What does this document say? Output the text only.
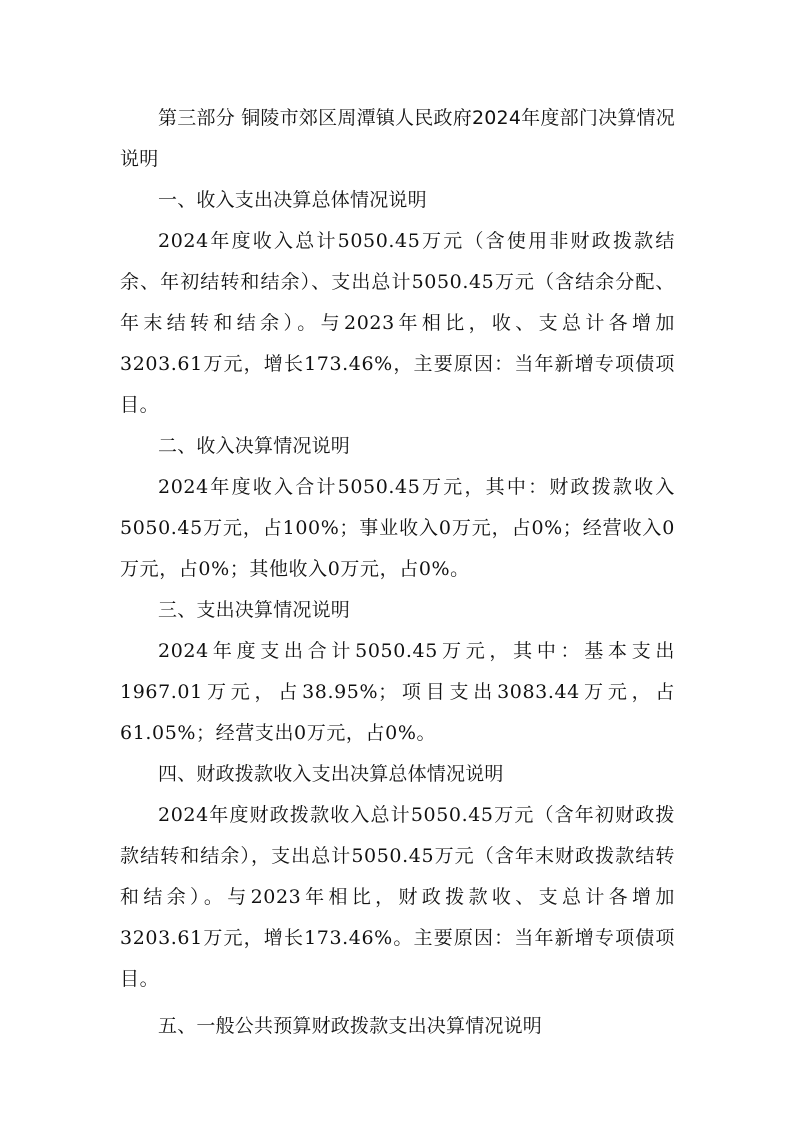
第三部分 铜陵市郊区周潭镇人民政府2024年度部门决算情况说明

一、收入支出决算总体情况说明

2024年度收入总计5050.45万元（含使用非财政拨款结余、年初结转和结余）、支出总计5050.45万元（含结余分配、年末结转和结余）。与2023年相比，收、支总计各增加3203.61万元，增长173.46%，主要原因：当年新增专项债项目。

二、收入决算情况说明

2024年度收入合计5050.45万元，其中：财政拨款收入5050.45万元，占100%；事业收入0万元，占0%；经营收入0万元，占0%；其他收入0万元，占0%。

三、支出决算情况说明

2024年度支出合计5050.45万元，其中：基本支出1967.01万元，占38.95%；项目支出3083.44万元，占61.05%；经营支出0万元，占0%。

四、财政拨款收入支出决算总体情况说明

2024年度财政拨款收入总计5050.45万元（含年初财政拨款结转和结余），支出总计5050.45万元（含年末财政拨款结转和结余）。与2023年相比，财政拨款收、支总计各增加3203.61万元，增长173.46%。主要原因：当年新增专项债项目。

五、一般公共预算财政拨款支出决算情况说明
